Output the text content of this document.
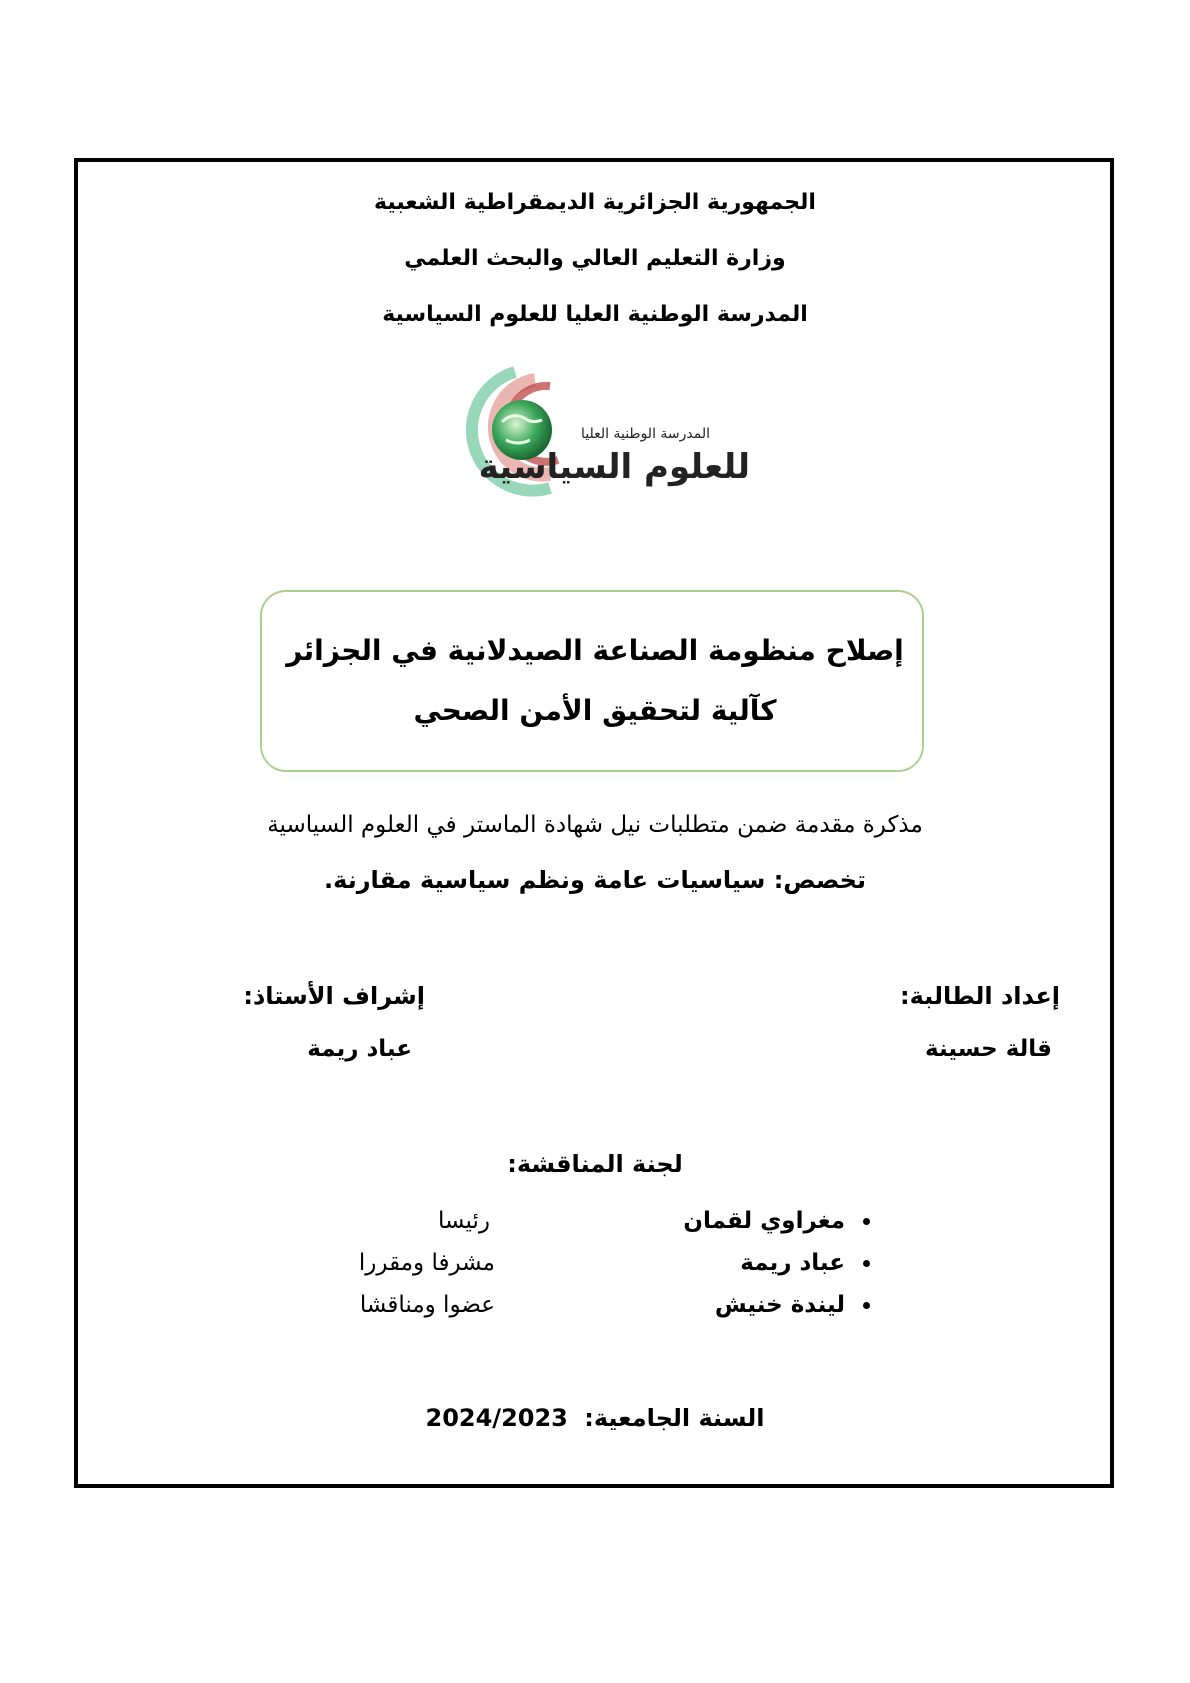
الجمهورية الجزائرية الديمقراطية الشعبية
وزارة التعليم العالي والبحث العلمي
المدرسة الوطنية العليا للعلوم السياسية
المدرسة الوطنية العليا
للعلوم السياسية
إصلاح منظومة الصناعة الصيدلانية في الجزائر
كآلية لتحقيق الأمن الصحي
مذكرة مقدمة ضمن متطلبات نيل شهادة الماستر في العلوم السياسية
تخصص: سياسيات عامة ونظم سياسية مقارنة.
إعداد الطالبة:
قالة حسينة
إشراف الأستاذ:
عباد ريمة
لجنة المناقشة:
مغراوي لقمان
رئيسا
عباد ريمة
مشرفا ومقررا
ليندة خنيش
عضوا ومناقشا
السنة الجامعية: 2024/2023
